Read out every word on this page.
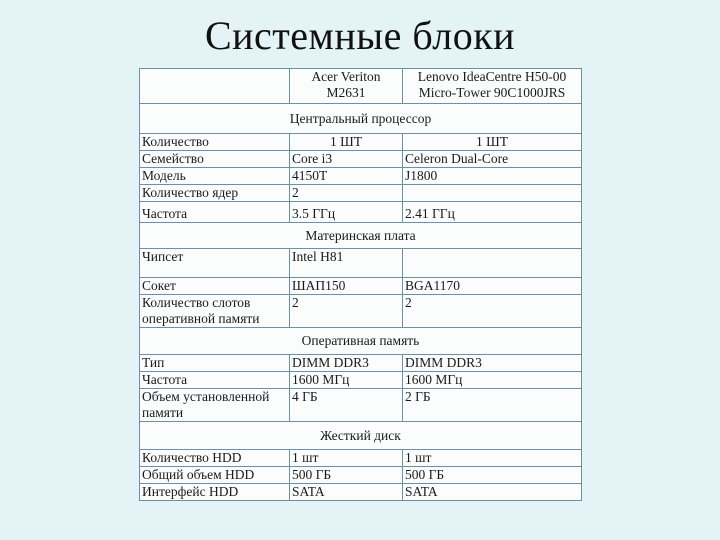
Системные блоки
	Acer Veriton M2631	Lenovo IdeaCentre H50-00 Micro-Tower 90C1000JRS
Центральный процессор		
Количество	1 ШТ	1 ШТ
Семейство	Core i3	Celeron Dual-Core
Модель	4150T	J1800
Количество ядер	2	
Частота	3.5 ГГц	2.41 ГГц
Материнская плата		
Чипсет	Intel H81	
Сокет	ШАП150	BGA1170
Количество слотов оперативной памяти	2	2
Оперативная память		
Тип	DIMM DDR3	DIMM DDR3
Частота	1600 МГц	1600 МГц
Объем установленной памяти	4 ГБ	2 ГБ
Жесткий диск		
Количество HDD	1 шт	1 шт
Общий объем HDD	500 ГБ	500 ГБ
Интерфейс HDD	SATA	SATA
